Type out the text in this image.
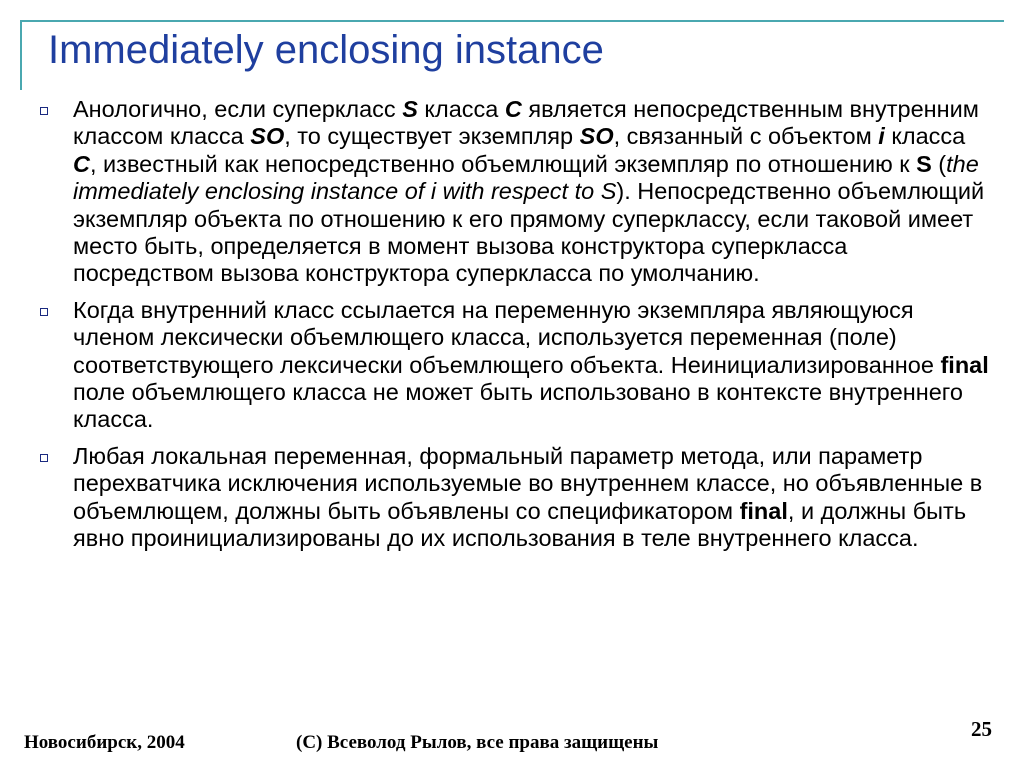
Immediately enclosing instance
Анологично, если суперкласс S класса C является непосредственным внутренним классом класса SO, то существует экземпляр SO, связанный с объектом i класса C, известный как непосредственно объемлющий экземпляр по отношению к S (the immediately enclosing instance of i with respect to S). Непосредственно объемлющий экземпляр объекта по отношению к его прямому суперклассу, если таковой имеет место быть, определяется в момент вызова конструктора суперкласса посредством вызова конструктора суперкласса по умолчанию.
Когда внутренний класс ссылается на переменную экземпляра являющуюся членом лексически объемлющего класса, используется переменная (поле) соответствующего лексически объемлющего объекта. Неинициализированное final поле объемлющего класса не может быть использовано в контексте внутреннего класса.
Любая локальная переменная, формальный параметр метода, или параметр перехватчика исключения используемые во внутреннем классе, но объявленные в объемлющем, должны быть объявлены со спецификатором final, и должны быть явно проинициализированы до их использования в теле внутреннего класса.
Новосибирск, 2004	(C) Всеволод Рылов, все права защищены
25
